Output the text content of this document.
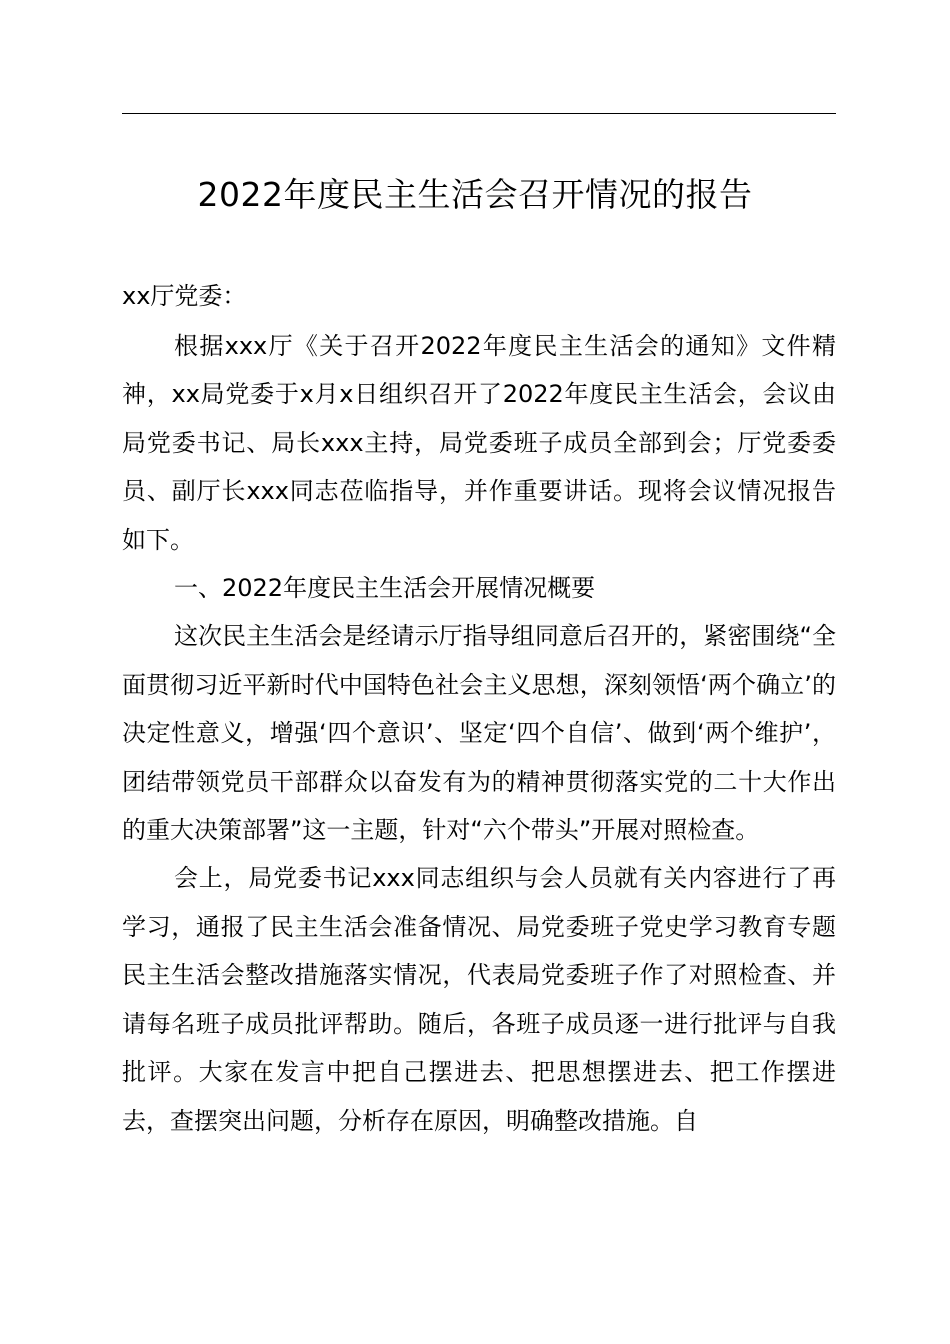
2022年度民主生活会召开情况的报告
xx厅党委：

根据xxx厅《关于召开2022年度民主生活会的通知》文件精神，xx局党委于x月x日组织召开了2022年度民主生活会，会议由局党委书记、局长xxx主持，局党委班子成员全部到会；厅党委委员、副厅长xxx同志莅临指导，并作重要讲话。现将会议情况报告如下。

一、2022年度民主生活会开展情况概要

这次民主生活会是经请示厅指导组同意后召开的，紧密围绕“全面贯彻习近平新时代中国特色社会主义思想，深刻领悟‘两个确立’的决定性意义，增强‘四个意识’、坚定‘四个自信’、做到‘两个维护’，团结带领党员干部群众以奋发有为的精神贯彻落实党的二十大作出的重大决策部署”这一主题，针对“六个带头”开展对照检查。

会上，局党委书记xxx同志组织与会人员就有关内容进行了再学习，通报了民主生活会准备情况、局党委班子党史学习教育专题民主生活会整改措施落实情况，代表局党委班子作了对照检查、并请每名班子成员批评帮助。随后，各班子成员逐一进行批评与自我批评。大家在发言中把自己摆进去、把思想摆进去、把工作摆进去，查摆突出问题，分析存在原因，明确整改措施。自
